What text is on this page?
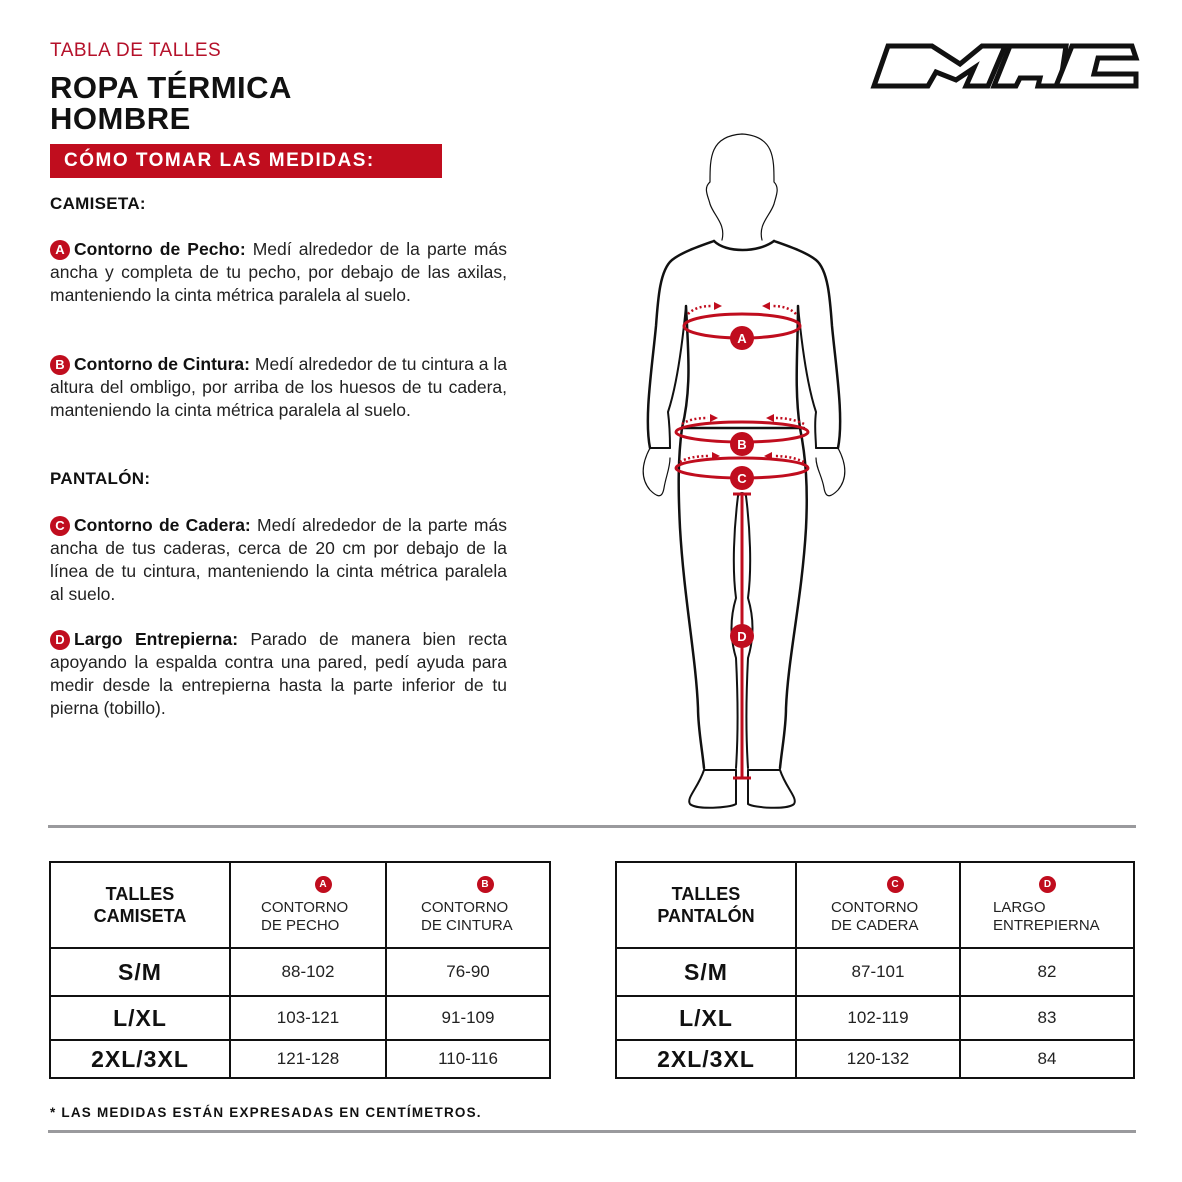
TABLA DE TALLES
ROPA TÉRMICA
HOMBRE
CÓMO TOMAR LAS MEDIDAS:
CAMISETA:
A Contorno de Pecho: Medí alrededor de la parte más ancha y completa de tu pecho, por debajo de las axilas, manteniendo la cinta métrica paralela al suelo.
B Contorno de Cintura: Medí alrededor de tu cintura a la altura del ombligo, por arriba de los huesos de tu cadera, manteniendo la cinta métrica paralela al suelo.
PANTALÓN:
C Contorno de Cadera: Medí alrededor de la parte más ancha de tus caderas, cerca de 20 cm por debajo de la línea de tu cintura, manteniendo la cinta métrica paralela al suelo.
D Largo Entrepierna: Parado de manera bien recta apoyando la espalda contra una pared, pedí ayuda para medir desde la entrepierna hasta la parte inferior de tu pierna (tobillo).
A
B
C
D
TALLES
CAMISETA

A
CONTORNO
DE PECHO

B
CONTORNO
DE CINTURA

S/M	88-102	76-90
L/XL	103-121	91-109
2XL/3XL	121-128	110-116
TALLES
PANTALÓN

C
CONTORNO
DE CADERA

D
LARGO
ENTREPIERNA

S/M	87-101	82
L/XL	102-119	83
2XL/3XL	120-132	84
* LAS MEDIDAS ESTÁN EXPRESADAS EN CENTÍMETROS.
